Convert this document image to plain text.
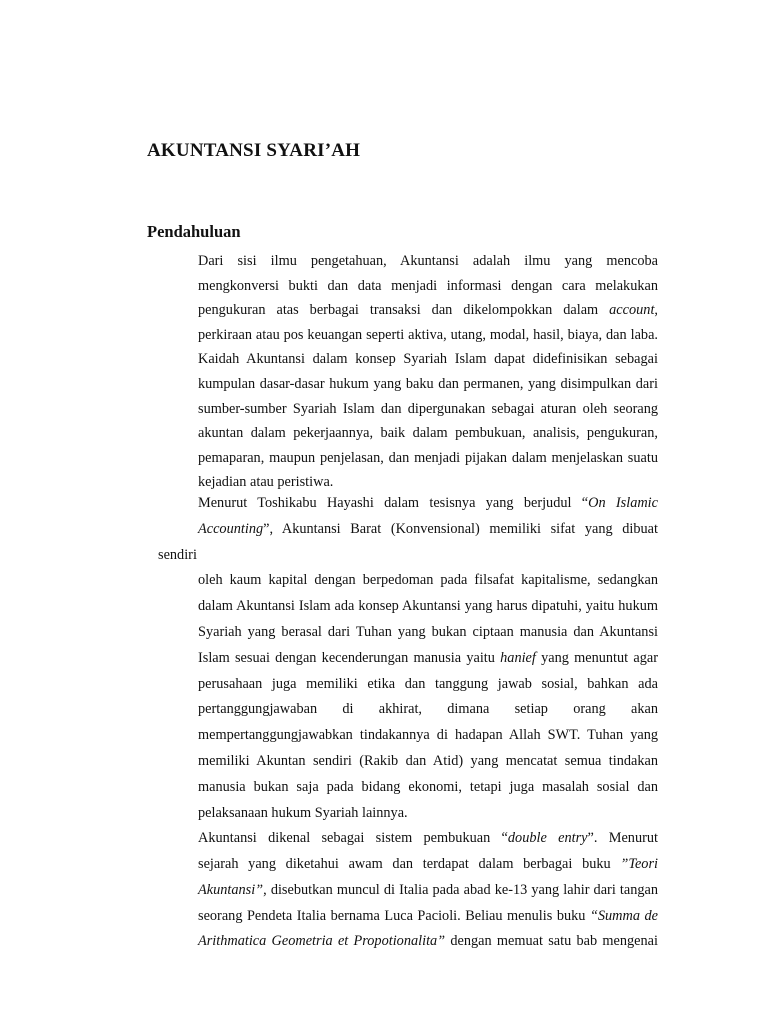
AKUNTANSI SYARI’AH
Pendahuluan

Dari sisi ilmu pengetahuan, Akuntansi adalah ilmu yang mencoba
mengkonversi bukti dan data menjadi informasi dengan cara melakukan
pengukuran atas berbagai transaksi dan dikelompokkan dalam account,
perkiraan atau pos keuangan seperti aktiva, utang, modal, hasil, biaya, dan laba.
Kaidah Akuntansi dalam konsep Syariah Islam dapat didefinisikan sebagai
kumpulan dasar-dasar hukum yang baku dan permanen, yang disimpulkan dari
sumber-sumber Syariah Islam dan dipergunakan sebagai aturan oleh seorang
akuntan dalam pekerjaannya, baik dalam pembukuan, analisis, pengukuran,
pemaparan, maupun penjelasan, dan menjadi pijakan dalam menjelaskan suatu
kejadian atau peristiwa.

Menurut Toshikabu Hayashi dalam tesisnya yang berjudul “On Islamic
Accounting”, Akuntansi Barat (Konvensional) memiliki sifat yang dibuat sendiri
oleh kaum kapital dengan berpedoman pada filsafat kapitalisme, sedangkan
dalam Akuntansi Islam ada konsep Akuntansi yang harus dipatuhi, yaitu hukum
Syariah yang berasal dari Tuhan yang bukan ciptaan manusia dan Akuntansi
Islam sesuai dengan kecenderungan manusia yaitu hanief yang menuntut agar
perusahaan juga memiliki etika dan tanggung jawab sosial, bahkan ada
pertanggungjawaban di akhirat, dimana setiap orang akan
mempertanggungjawabkan tindakannya di hadapan Allah SWT. Tuhan yang
memiliki Akuntan sendiri (Rakib dan Atid) yang mencatat semua tindakan
manusia bukan saja pada bidang ekonomi, tetapi juga masalah sosial dan
pelaksanaan hukum Syariah lainnya.

Akuntansi dikenal sebagai sistem pembukuan “double entry”. Menurut
sejarah yang diketahui awam dan terdapat dalam berbagai buku ”Teori
Akuntansi”, disebutkan muncul di Italia pada abad ke-13 yang lahir dari tangan
seorang Pendeta Italia bernama Luca Pacioli. Beliau menulis buku “Summa de
Arithmatica Geometria et Propotionalita” dengan memuat satu bab mengenai
